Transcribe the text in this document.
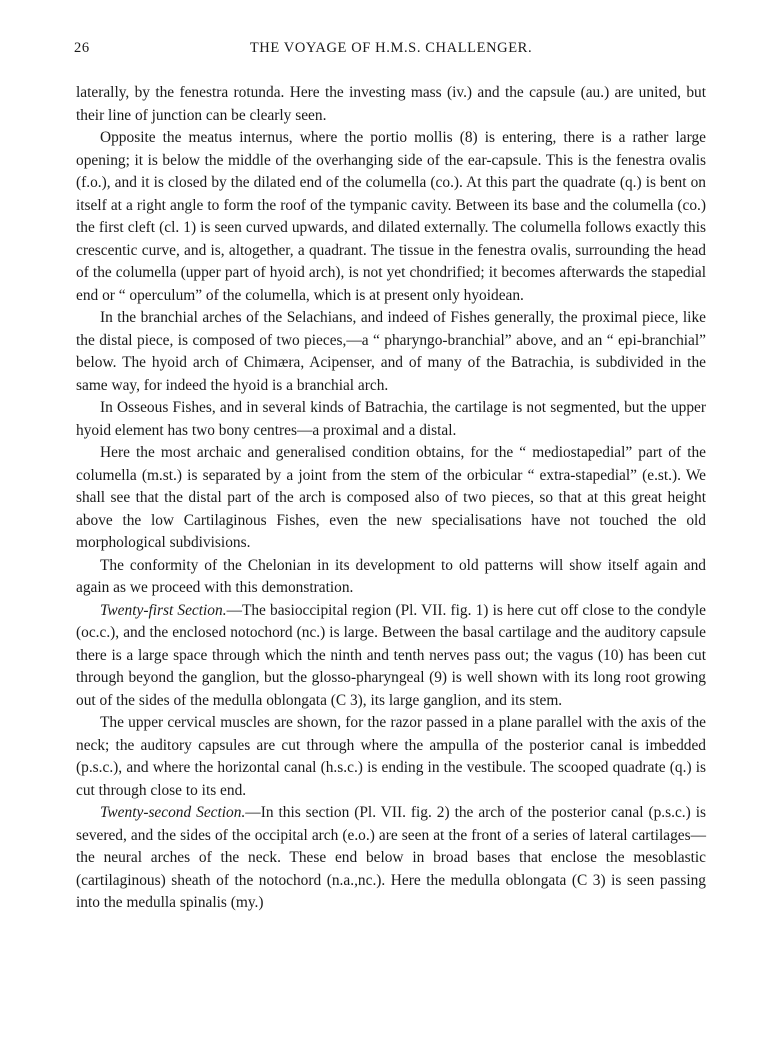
26	THE VOYAGE OF H.M.S. CHALLENGER.

laterally, by the fenestra rotunda. Here the investing mass (iv.) and the capsule (au.) are united, but their line of junction can be clearly seen.

Opposite the meatus internus, where the portio mollis (8) is entering, there is a rather large opening; it is below the middle of the overhanging side of the ear-capsule. This is the fenestra ovalis (f.o.), and it is closed by the dilated end of the columella (co.). At this part the quadrate (q.) is bent on itself at a right angle to form the roof of the tympanic cavity. Between its base and the columella (co.) the first cleft (cl. 1) is seen curved upwards, and dilated externally. The columella follows exactly this crescentic curve, and is, altogether, a quadrant. The tissue in the fenestra ovalis, surrounding the head of the columella (upper part of hyoid arch), is not yet chondrified; it becomes afterwards the stapedial end or “ operculum” of the columella, which is at present only hyoidean.

In the branchial arches of the Selachians, and indeed of Fishes generally, the proximal piece, like the distal piece, is composed of two pieces,—a “ pharyngo-branchial” above, and an “ epi-branchial” below. The hyoid arch of Chimæra, Acipenser, and of many of the Batrachia, is subdivided in the same way, for indeed the hyoid is a branchial arch.

In Osseous Fishes, and in several kinds of Batrachia, the cartilage is not segmented, but the upper hyoid element has two bony centres—a proximal and a distal.

Here the most archaic and generalised condition obtains, for the “ mediostapedial” part of the columella (m.st.) is separated by a joint from the stem of the orbicular “ extra-stapedial” (e.st.). We shall see that the distal part of the arch is composed also of two pieces, so that at this great height above the low Cartilaginous Fishes, even the new specialisations have not touched the old morphological subdivisions.

The conformity of the Chelonian in its development to old patterns will show itself again and again as we proceed with this demonstration.

Twenty-first Section.—The basioccipital region (Pl. VII. fig. 1) is here cut off close to the condyle (oc.c.), and the enclosed notochord (nc.) is large. Between the basal cartilage and the auditory capsule there is a large space through which the ninth and tenth nerves pass out; the vagus (10) has been cut through beyond the ganglion, but the glosso-pharyngeal (9) is well shown with its long root growing out of the sides of the medulla oblongata (C 3), its large ganglion, and its stem.

The upper cervical muscles are shown, for the razor passed in a plane parallel with the axis of the neck; the auditory capsules are cut through where the ampulla of the posterior canal is imbedded (p.s.c.), and where the horizontal canal (h.s.c.) is ending in the vestibule. The scooped quadrate (q.) is cut through close to its end.

Twenty-second Section.—In this section (Pl. VII. fig. 2) the arch of the posterior canal (p.s.c.) is severed, and the sides of the occipital arch (e.o.) are seen at the front of a series of lateral cartilages—the neural arches of the neck. These end below in broad bases that enclose the mesoblastic (cartilaginous) sheath of the notochord (n.a.,nc.). Here the medulla oblongata (C 3) is seen passing into the medulla spinalis (my.)
